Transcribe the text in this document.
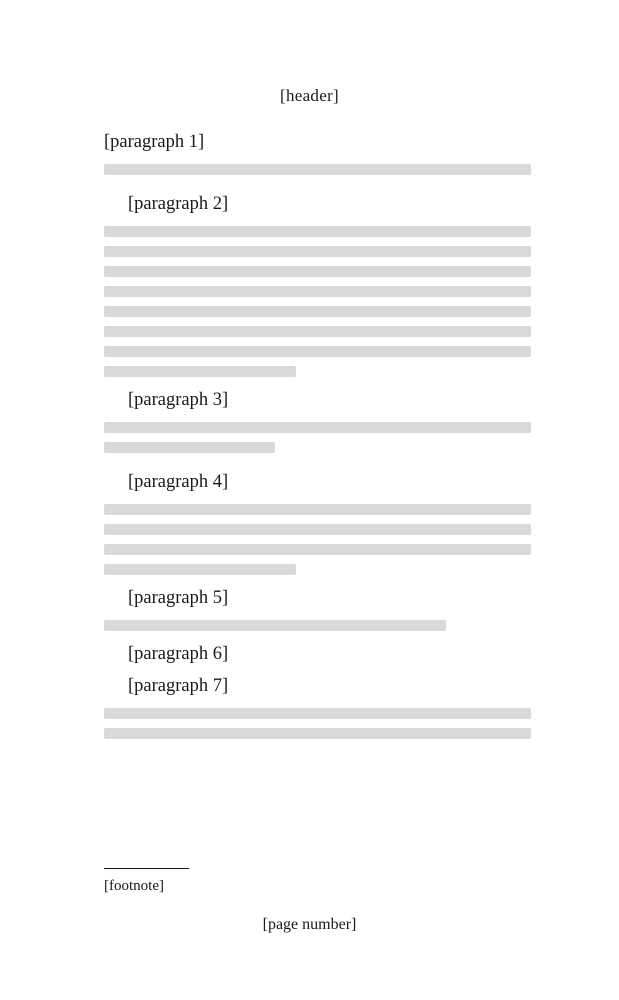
[header]

[paragraph 1]

[paragraph 2]

[paragraph 3]

[paragraph 4]

[paragraph 5]

[paragraph 6]

[paragraph 7]

[footnote]
[page number]
